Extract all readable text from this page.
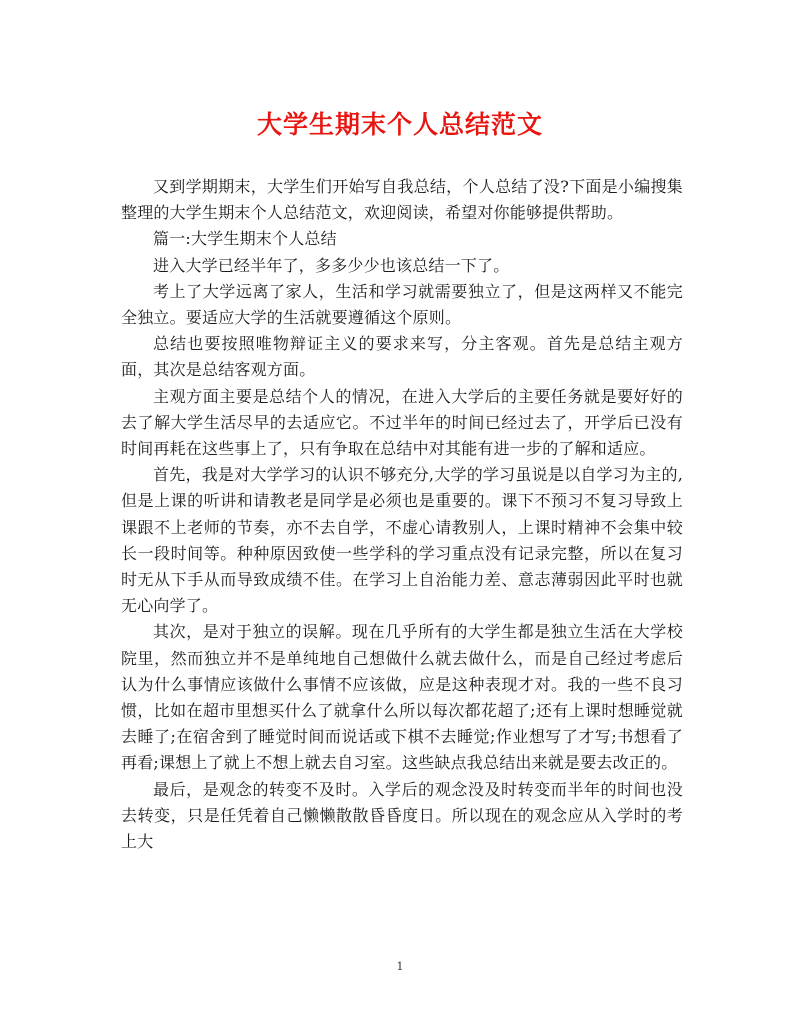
大学生期末个人总结范文

又到学期期末，大学生们开始写自我总结，个人总结了没?下面是小编搜集整理的大学生期末个人总结范文，欢迎阅读，希望对你能够提供帮助。

篇一:大学生期末个人总结

进入大学已经半年了，多多少少也该总结一下了。

考上了大学远离了家人，生活和学习就需要独立了，但是这两样又不能完全独立。要适应大学的生活就要遵循这个原则。

总结也要按照唯物辩证主义的要求来写，分主客观。首先是总结主观方面，其次是总结客观方面。

主观方面主要是总结个人的情况，在进入大学后的主要任务就是要好好的去了解大学生活尽早的去适应它。不过半年的时间已经过去了，开学后已没有时间再耗在这些事上了，只有争取在总结中对其能有进一步的了解和适应。

首先，我是对大学学习的认识不够充分,大学的学习虽说是以自学习为主的,但是上课的听讲和请教老是同学是必须也是重要的。课下不预习不复习导致上课跟不上老师的节奏，亦不去自学，不虚心请教别人，上课时精神不会集中较长一段时间等。种种原因致使一些学科的学习重点没有记录完整，所以在复习时无从下手从而导致成绩不佳。在学习上自治能力差、意志薄弱因此平时也就无心向学了。

其次，是对于独立的误解。现在几乎所有的大学生都是独立生活在大学校院里，然而独立并不是单纯地自己想做什么就去做什么，而是自己经过考虑后认为什么事情应该做什么事情不应该做，应是这种表现才对。我的一些不良习惯，比如在超市里想买什么了就拿什么所以每次都花超了;还有上课时想睡觉就去睡了;在宿舍到了睡觉时间而说话或下棋不去睡觉;作业想写了才写;书想看了再看;课想上了就上不想上就去自习室。这些缺点我总结出来就是要去改正的。

最后，是观念的转变不及时。入学后的观念没及时转变而半年的时间也没去转变，只是任凭着自己懒懒散散昏昏度日。所以现在的观念应从入学时的考上大

1
